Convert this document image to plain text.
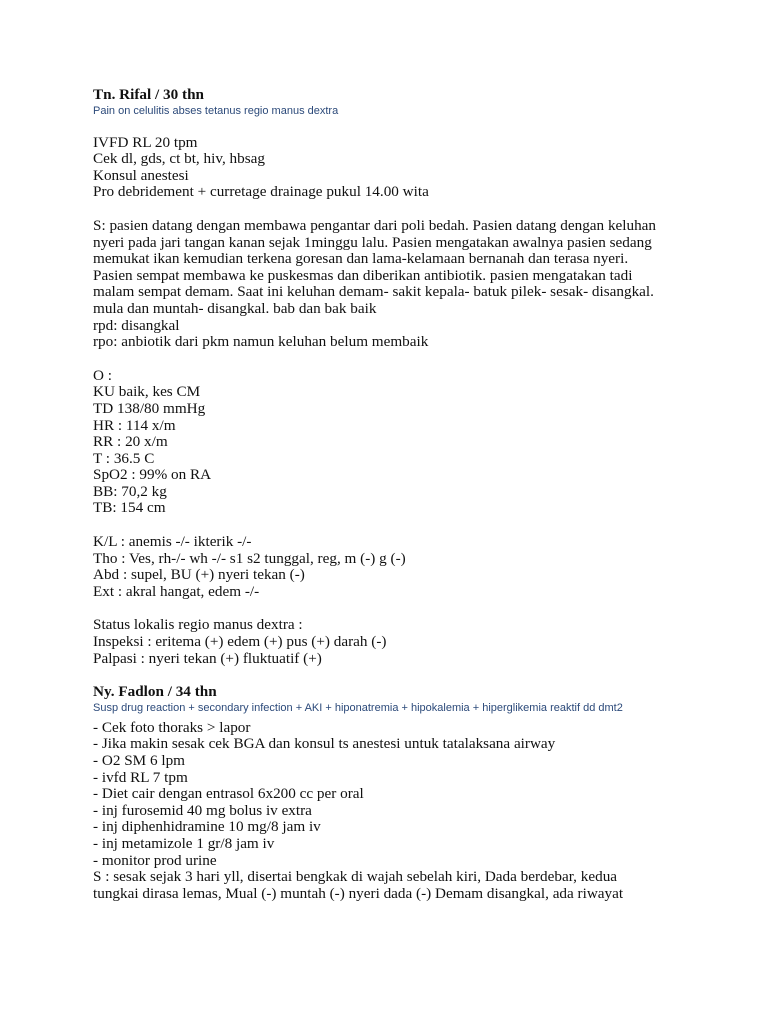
Tn. Rifal / 30 thn
Pain on celulitis abses tetanus regio manus dextra
IVFD RL 20 tpm
Cek dl, gds, ct bt, hiv, hbsag
Konsul anestesi
Pro debridement + curretage drainage pukul 14.00 wita
S: pasien datang dengan membawa pengantar dari poli bedah. Pasien datang dengan keluhan
nyeri pada jari tangan kanan sejak 1minggu lalu. Pasien mengatakan awalnya pasien sedang
memukat ikan kemudian terkena goresan dan lama-kelamaan bernanah dan terasa nyeri.
Pasien sempat membawa ke puskesmas dan diberikan antibiotik. pasien mengatakan tadi
malam sempat demam. Saat ini keluhan demam- sakit kepala- batuk pilek- sesak- disangkal.
mula dan muntah- disangkal. bab dan bak baik
rpd: disangkal
rpo: anbiotik dari pkm namun keluhan belum membaik
O :
KU baik, kes CM
TD 138/80 mmHg
HR : 114 x/m
RR : 20 x/m
T : 36.5 C
SpO2 : 99% on RA
BB: 70,2 kg
TB: 154 cm
K/L : anemis -/- ikterik -/-
Tho : Ves, rh-/- wh -/- s1 s2 tunggal, reg, m (-) g (-)
Abd : supel, BU (+) nyeri tekan (-)
Ext : akral hangat, edem -/-
Status lokalis regio manus dextra :
Inspeksi : eritema (+) edem (+) pus (+) darah (-)
Palpasi : nyeri tekan (+) fluktuatif (+)
Ny. Fadlon / 34 thn
Susp drug reaction + secondary infection + AKI + hiponatremia + hipokalemia + hiperglikemia reaktif dd dmt2
- Cek foto thoraks > lapor
- Jika makin sesak cek BGA dan konsul ts anestesi untuk tatalaksana airway
- O2 SM 6 lpm
- ivfd RL 7 tpm
- Diet cair dengan entrasol 6x200 cc per oral
- inj furosemid 40 mg bolus iv extra
- inj diphenhidramine 10 mg/8 jam iv
- inj metamizole 1 gr/8 jam iv
- monitor prod urine
S : sesak sejak 3 hari yll, disertai bengkak di wajah sebelah kiri, Dada berdebar, kedua
tungkai dirasa lemas, Mual (-) muntah (-) nyeri dada (-) Demam disangkal, ada riwayat
